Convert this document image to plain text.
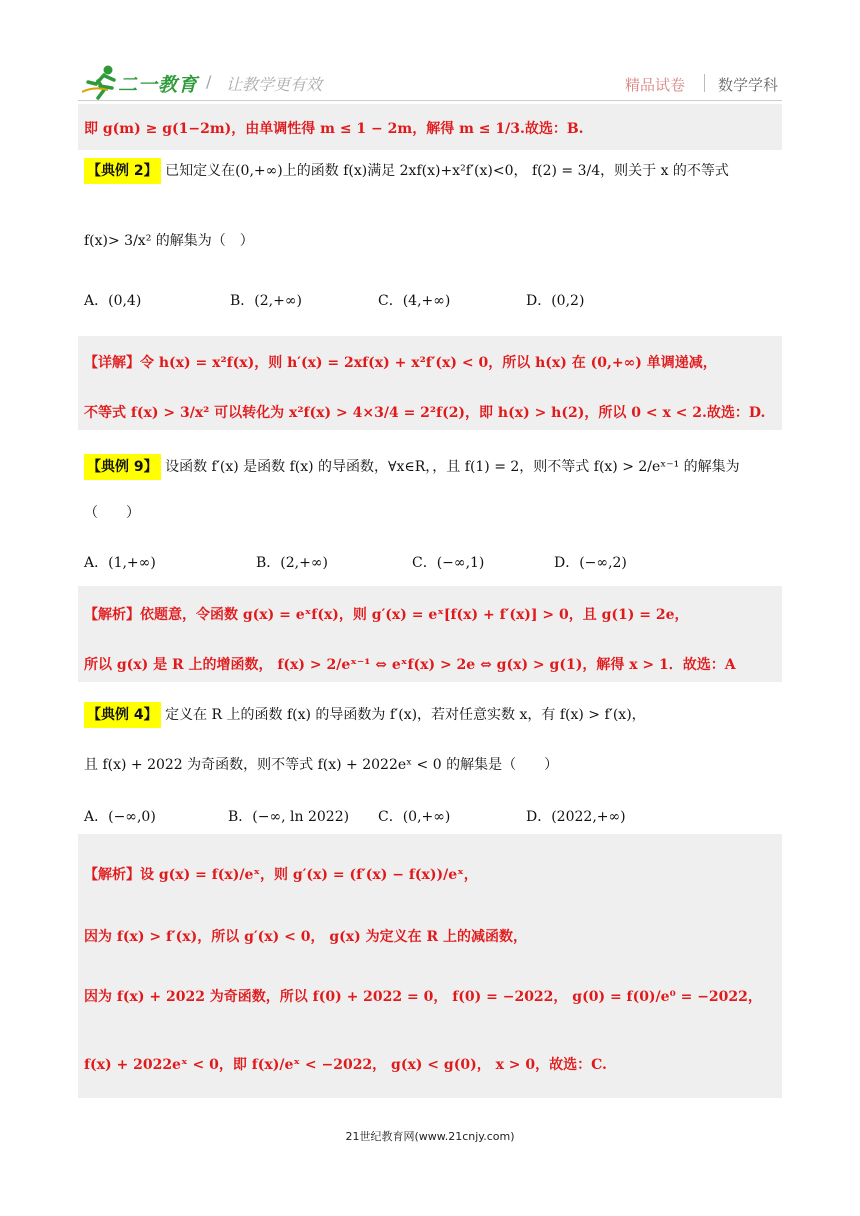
二一教育 / 让教学更有效	精品试卷 数学学科
即 g(m) ≥ g(1−2m)，由单调性得 m ≤ 1 − 2m，解得 m ≤ 1/3.故选：B.
【典例 2】 已知定义在(0,+∞)上的函数 f(x)满足 2xf(x)+x²f′(x)<0， f(2) = 3/4，则关于 x 的不等式
f(x)> 3/x² 的解集为（　）
A．(0,4)	B．(2,+∞)	C．(4,+∞)	D．(0,2)
【详解】令 h(x) = x²f(x)，则 h′(x) = 2xf(x) + x²f′(x) < 0，所以 h(x) 在 (0,+∞) 单调递减，
不等式 f(x) > 3/x² 可以转化为 x²f(x) > 4×3/4 = 2²f(2)，即 h(x) > h(2)，所以 0 < x < 2.故选：D.
【典例 9】 设函数 f′(x) 是函数 f(x) 的导函数，∀x∈R，，且 f(1) = 2，则不等式 f(x) > 2/eˣ⁻¹ 的解集为
（　　）
A．(1,+∞)	B．(2,+∞)	C．(−∞,1)	D．(−∞,2)
【解析】依题意，令函数 g(x) = eˣf(x)，则 g′(x) = eˣ[f(x) + f′(x)] > 0，且 g(1) = 2e，
所以 g(x) 是 R 上的增函数， f(x) > 2/eˣ⁻¹ ⇔ eˣf(x) > 2e ⇔ g(x) > g(1)，解得 x > 1．故选：A
【典例 4】 定义在 R 上的函数 f(x) 的导函数为 f′(x)，若对任意实数 x，有 f(x) > f′(x)，
且 f(x) + 2022 为奇函数，则不等式 f(x) + 2022eˣ < 0 的解集是（　　）
A．(−∞,0)	B．(−∞, ln 2022) C．(0,+∞)	D．(2022,+∞)
【解析】设 g(x) = f(x)/eˣ，则 g′(x) = (f′(x) − f(x))/eˣ，
因为 f(x) > f′(x)，所以 g′(x) < 0， g(x) 为定义在 R 上的减函数，
因为 f(x) + 2022 为奇函数，所以 f(0) + 2022 = 0， f(0) = −2022， g(0) = f(0)/e⁰ = −2022，
f(x) + 2022eˣ < 0，即 f(x)/eˣ < −2022， g(x) < g(0)， x > 0，故选：C.
21世纪教育网(www.21cnjy.com)
